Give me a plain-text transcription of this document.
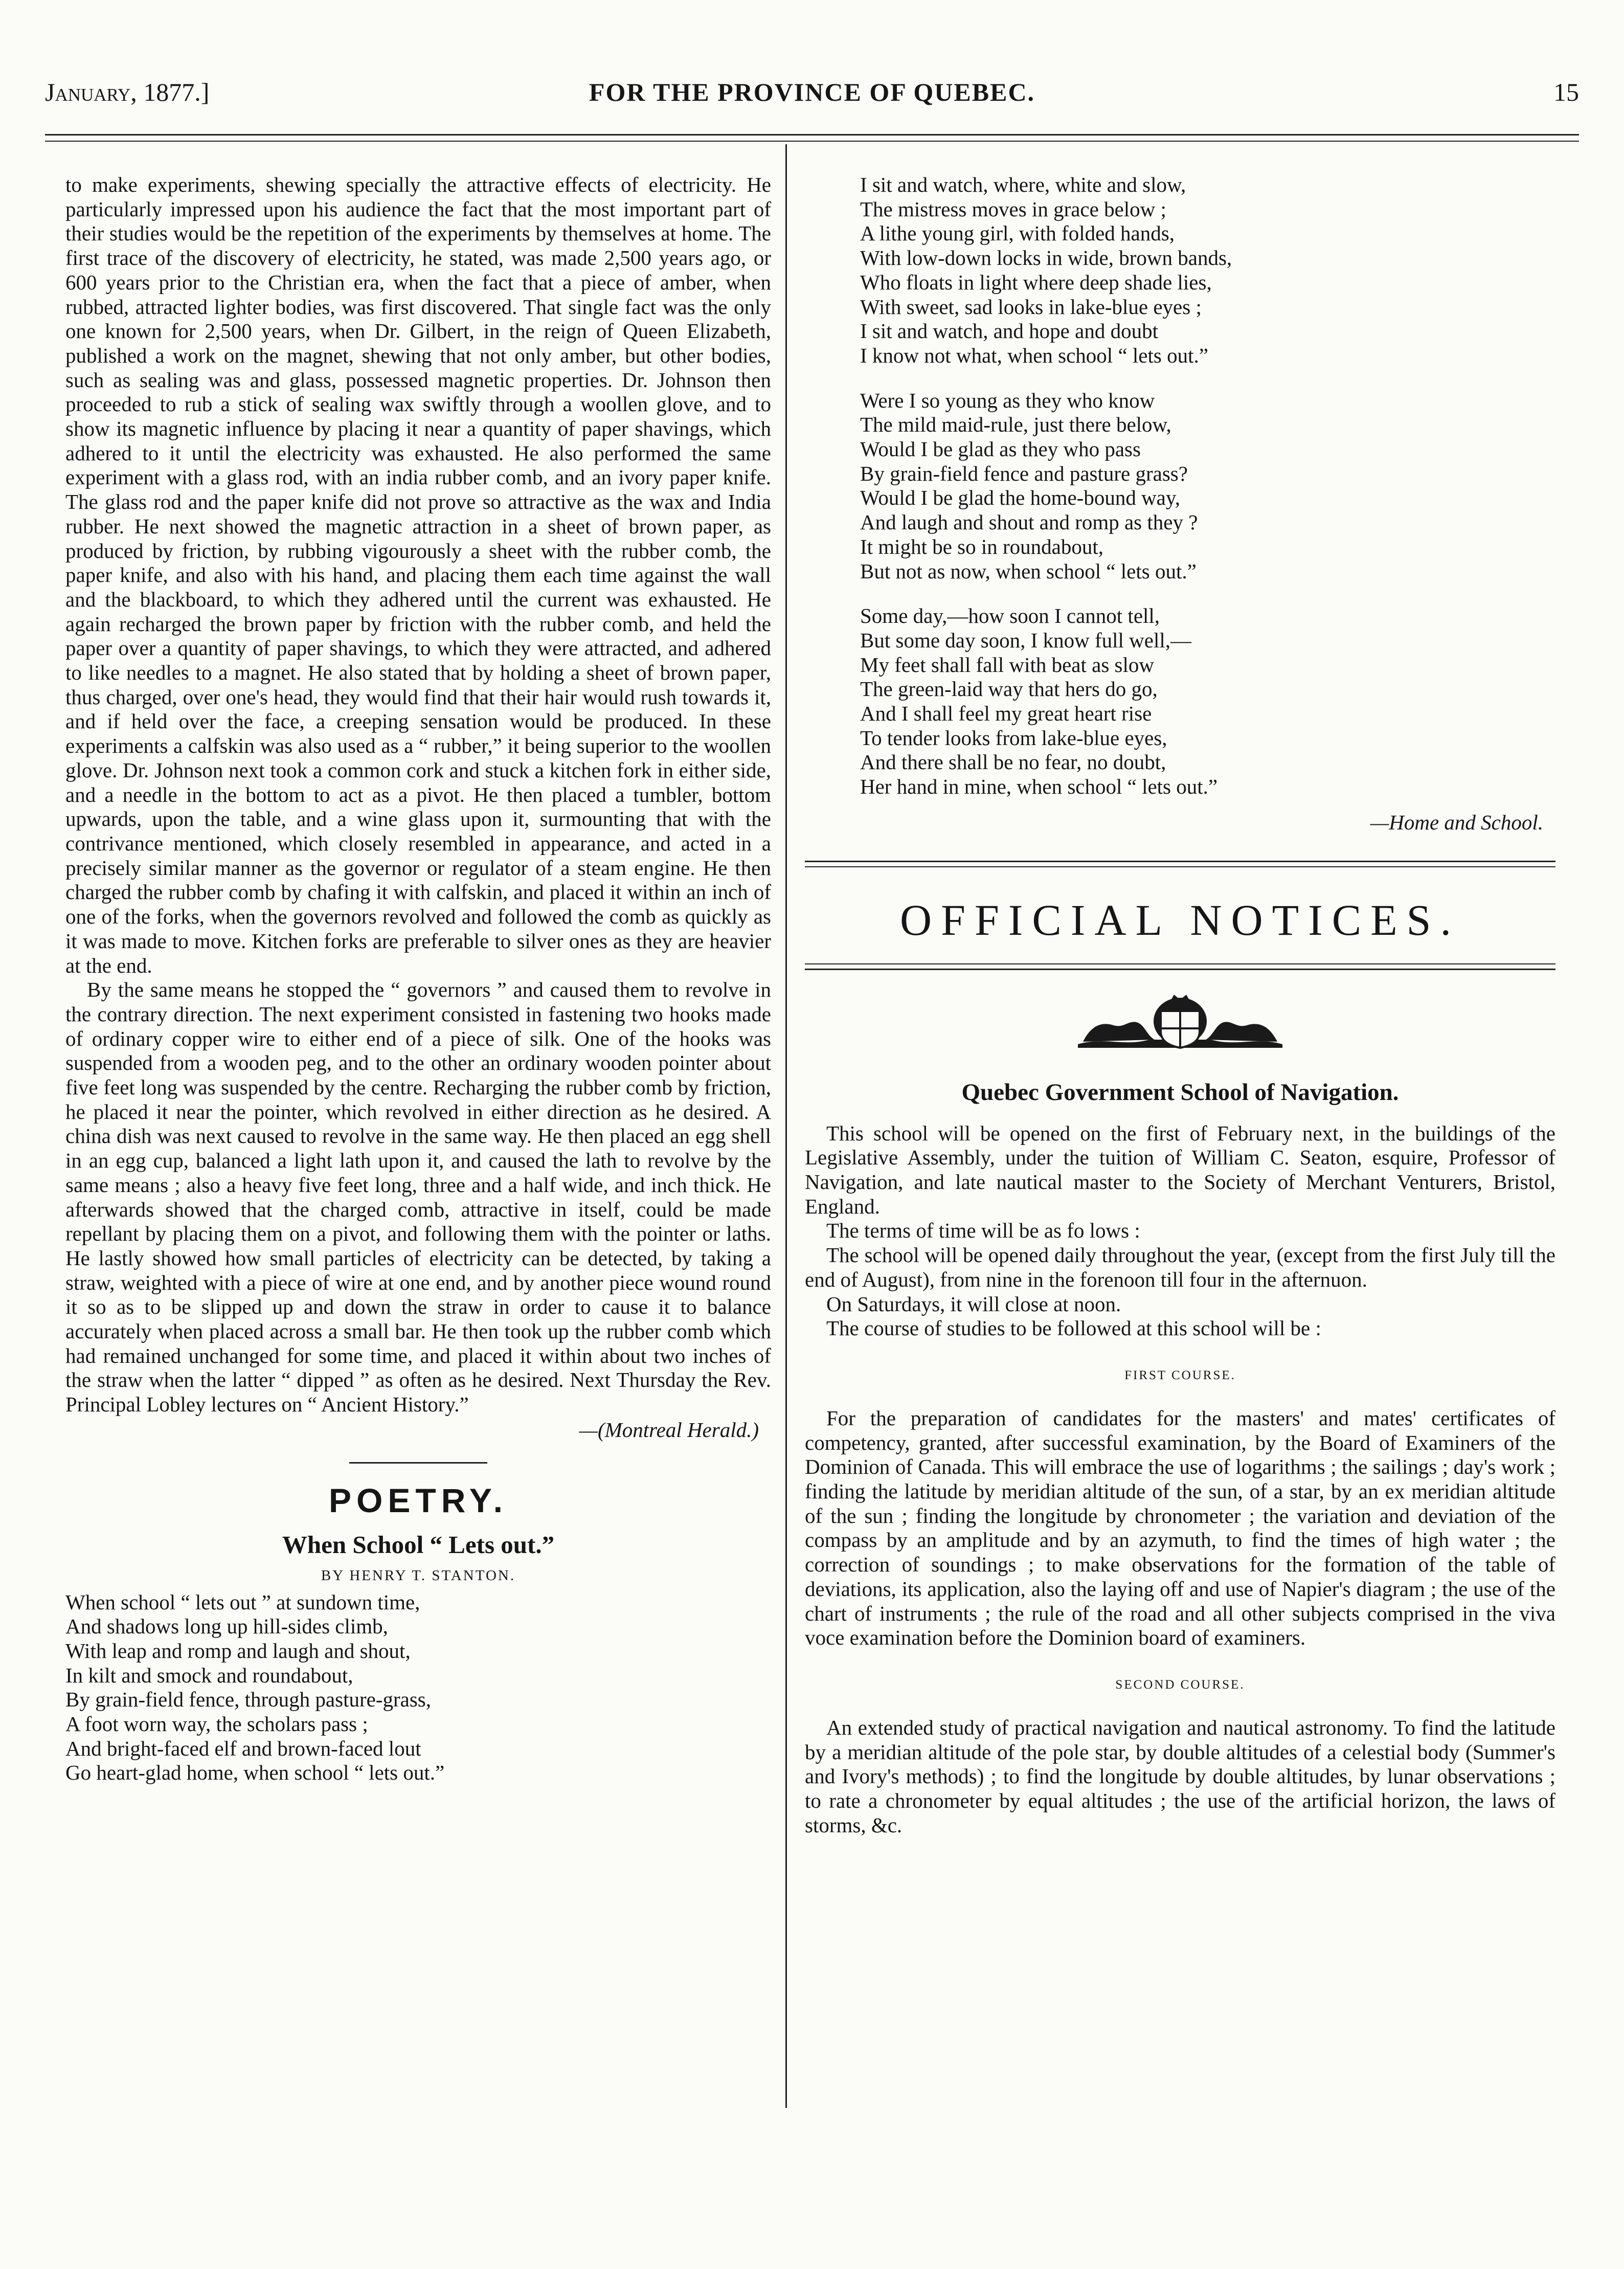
January, 1877.]	FOR THE PROVINCE OF QUEBEC.	15

to make experiments, shewing specially the attractive effects of electricity. He particularly impressed upon his audience the fact that the most important part of their studies would be the repetition of the experiments by themselves at home. The first trace of the discovery of electricity, he stated, was made 2,500 years ago, or 600 years prior to the Christian era, when the fact that a piece of amber, when rubbed, attracted lighter bodies, was first discovered. That single fact was the only one known for 2,500 years, when Dr. Gilbert, in the reign of Queen Elizabeth, published a work on the magnet, shewing that not only amber, but other bodies, such as sealing was and glass, possessed magnetic properties. Dr. Johnson then proceeded to rub a stick of sealing wax swiftly through a woollen glove, and to show its magnetic influence by placing it near a quantity of paper shavings, which adhered to it until the electricity was exhausted. He also performed the same experiment with a glass rod, with an india rubber comb, and an ivory paper knife. The glass rod and the paper knife did not prove so attractive as the wax and India rubber. He next showed the magnetic attraction in a sheet of brown paper, as produced by friction, by rubbing vigourously a sheet with the rubber comb, the paper knife, and also with his hand, and placing them each time against the wall and the blackboard, to which they adhered until the current was exhausted. He again recharged the brown paper by friction with the rubber comb, and held the paper over a quantity of paper shavings, to which they were attracted, and adhered to like needles to a magnet. He also stated that by holding a sheet of brown paper, thus charged, over one's head, they would find that their hair would rush towards it, and if held over the face, a creeping sensation would be produced. In these experiments a calfskin was also used as a “ rubber,” it being superior to the woollen glove. Dr. Johnson next took a common cork and stuck a kitchen fork in either side, and a needle in the bottom to act as a pivot. He then placed a tumbler, bottom upwards, upon the table, and a wine glass upon it, surmounting that with the contrivance mentioned, which closely resembled in appearance, and acted in a precisely similar manner as the governor or regulator of a steam engine. He then charged the rubber comb by chafing it with calfskin, and placed it within an inch of one of the forks, when the governors revolved and followed the comb as quickly as it was made to move. Kitchen forks are preferable to silver ones as they are heavier at the end.

By the same means he stopped the “ governors ” and caused them to revolve in the contrary direction. The next experiment consisted in fastening two hooks made of ordinary copper wire to either end of a piece of silk. One of the hooks was suspended from a wooden peg, and to the other an ordinary wooden pointer about five feet long was suspended by the centre. Recharging the rubber comb by friction, he placed it near the pointer, which revolved in either direction as he desired. A china dish was next caused to revolve in the same way. He then placed an egg shell in an egg cup, balanced a light lath upon it, and caused the lath to revolve by the same means ; also a heavy five feet long, three and a half wide, and inch thick. He afterwards showed that the charged comb, attractive in itself, could be made repellant by placing them on a pivot, and following them with the pointer or laths. He lastly showed how small particles of electricity can be detected, by taking a straw, weighted with a piece of wire at one end, and by another piece wound round it so as to be slipped up and down the straw in order to cause it to balance accurately when placed across a small bar. He then took up the rubber comb which had remained unchanged for some time, and placed it within about two inches of the straw when the latter “ dipped ” as often as he desired. Next Thursday the Rev. Principal Lobley lectures on “ Ancient History.”

—(Montreal Herald.)
POETRY.
When School “ Lets out.”
BY HENRY T. STANTON.
When school “ lets out ” at sundown time,
And shadows long up hill-sides climb,
With leap and romp and laugh and shout,
In kilt and smock and roundabout,
By grain-field fence, through pasture-grass,
A foot worn way, the scholars pass ;
And bright-faced elf and brown-faced lout
Go heart-glad home, when school “ lets out.”
I sit and watch, where, white and slow,
The mistress moves in grace below ;
A lithe young girl, with folded hands,
With low-down locks in wide, brown bands,
Who floats in light where deep shade lies,
With sweet, sad looks in lake-blue eyes ;
I sit and watch, and hope and doubt
I know not what, when school “ lets out.”
Were I so young as they who know
The mild maid-rule, just there below,
Would I be glad as they who pass
By grain-field fence and pasture grass?
Would I be glad the home-bound way,
And laugh and shout and romp as they ?
It might be so in roundabout,
But not as now, when school “ lets out.”
Some day,—how soon I cannot tell,
But some day soon, I know full well,—
My feet shall fall with beat as slow
The green-laid way that hers do go,
And I shall feel my great heart rise
To tender looks from lake-blue eyes,
And there shall be no fear, no doubt,
Her hand in mine, when school “ lets out.”
—Home and School.
OFFICIAL NOTICES.
Quebec Government School of Navigation.

This school will be opened on the first of February next, in the buildings of the Legislative Assembly, under the tuition of William C. Seaton, esquire, Professor of Navigation, and late nautical master to the Society of Merchant Venturers, Bristol, England.

The terms of time will be as fo lows :

The school will be opened daily throughout the year, (except from the first July till the end of August), from nine in the forenoon till four in the afternuon.

On Saturdays, it will close at noon.

The course of studies to be followed at this school will be :

FIRST COURSE.

For the preparation of candidates for the masters' and mates' certificates of competency, granted, after successful examination, by the Board of Examiners of the Dominion of Canada. This will embrace the use of logarithms ; the sailings ; day's work ; finding the latitude by meridian altitude of the sun, of a star, by an ex meridian altitude of the sun ; finding the longitude by chronometer ; the variation and deviation of the compass by an amplitude and by an azymuth, to find the times of high water ; the correction of soundings ; to make observations for the formation of the table of deviations, its application, also the laying off and use of Napier's diagram ; the use of the chart of instruments ; the rule of the road and all other subjects comprised in the viva voce examination before the Dominion board of examiners.

SECOND COURSE.

An extended study of practical navigation and nautical astronomy. To find the latitude by a meridian altitude of the pole star, by double altitudes of a celestial body (Summer's and Ivory's methods) ; to find the longitude by double altitudes, by lunar observations ; to rate a chronometer by equal altitudes ; the use of the artificial horizon, the laws of storms, &c.
